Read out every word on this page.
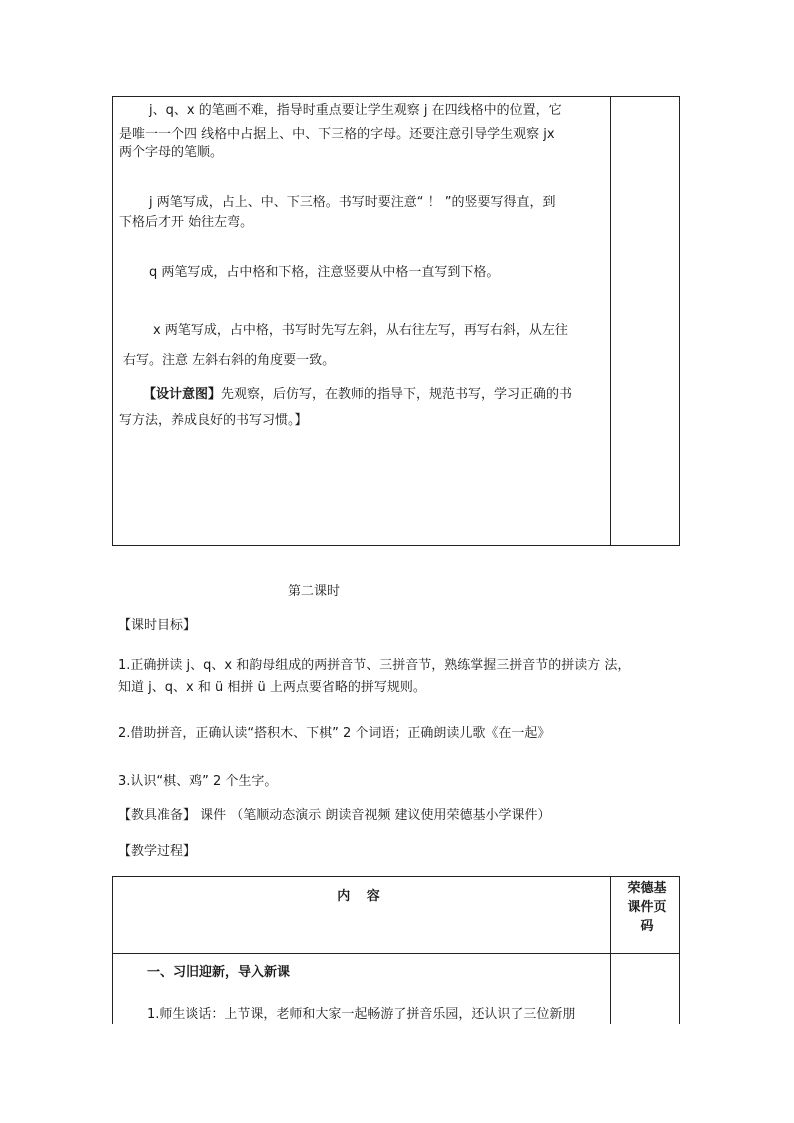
j、q、x 的笔画不难，指导时重点要让学生观察 j 在四线格中的位置，它
是唯一一个四 线格中占据上、中、下三格的字母。还要注意引导学生观察 jx
两个字母的笔顺。
j 两笔写成，占上、中、下三格。书写时要注意“ ！ ”的竖要写得直，到
下格后才开 始往左弯。
q 两笔写成，占中格和下格，注意竖要从中格一直写到下格。
x 两笔写成，占中格，书写时先写左斜，从右往左写，再写右斜，从左往
右写。注意 左斜右斜的角度要一致。
【设计意图】先观察，后仿写，在教师的指导下，规范书写，学习正确的书
写方法，养成良好的书写习惯。】
第二课时
【课时目标】
1.正确拼读 j、q、x 和韵母组成的两拼音节、三拼音节，熟练掌握三拼音节的拼读方 法，
知道 j、q、x 和 ü 相拼 ü 上两点要省略的拼写规则。
2.借助拼音，正确认读“搭积木、下棋” 2 个词语；正确朗读儿歌《在一起》
3.认识“棋、鸡” 2 个生字。
【教具准备】 课件 （笔顺动态演示 朗读音视频 建议使用荣德基小学课件）
【教学过程】
内 容
荣德基
课件页
码
一、习旧迎新，导入新课
1.师生谈话：上节课，老师和大家一起畅游了拼音乐园，还认识了三位新朋
